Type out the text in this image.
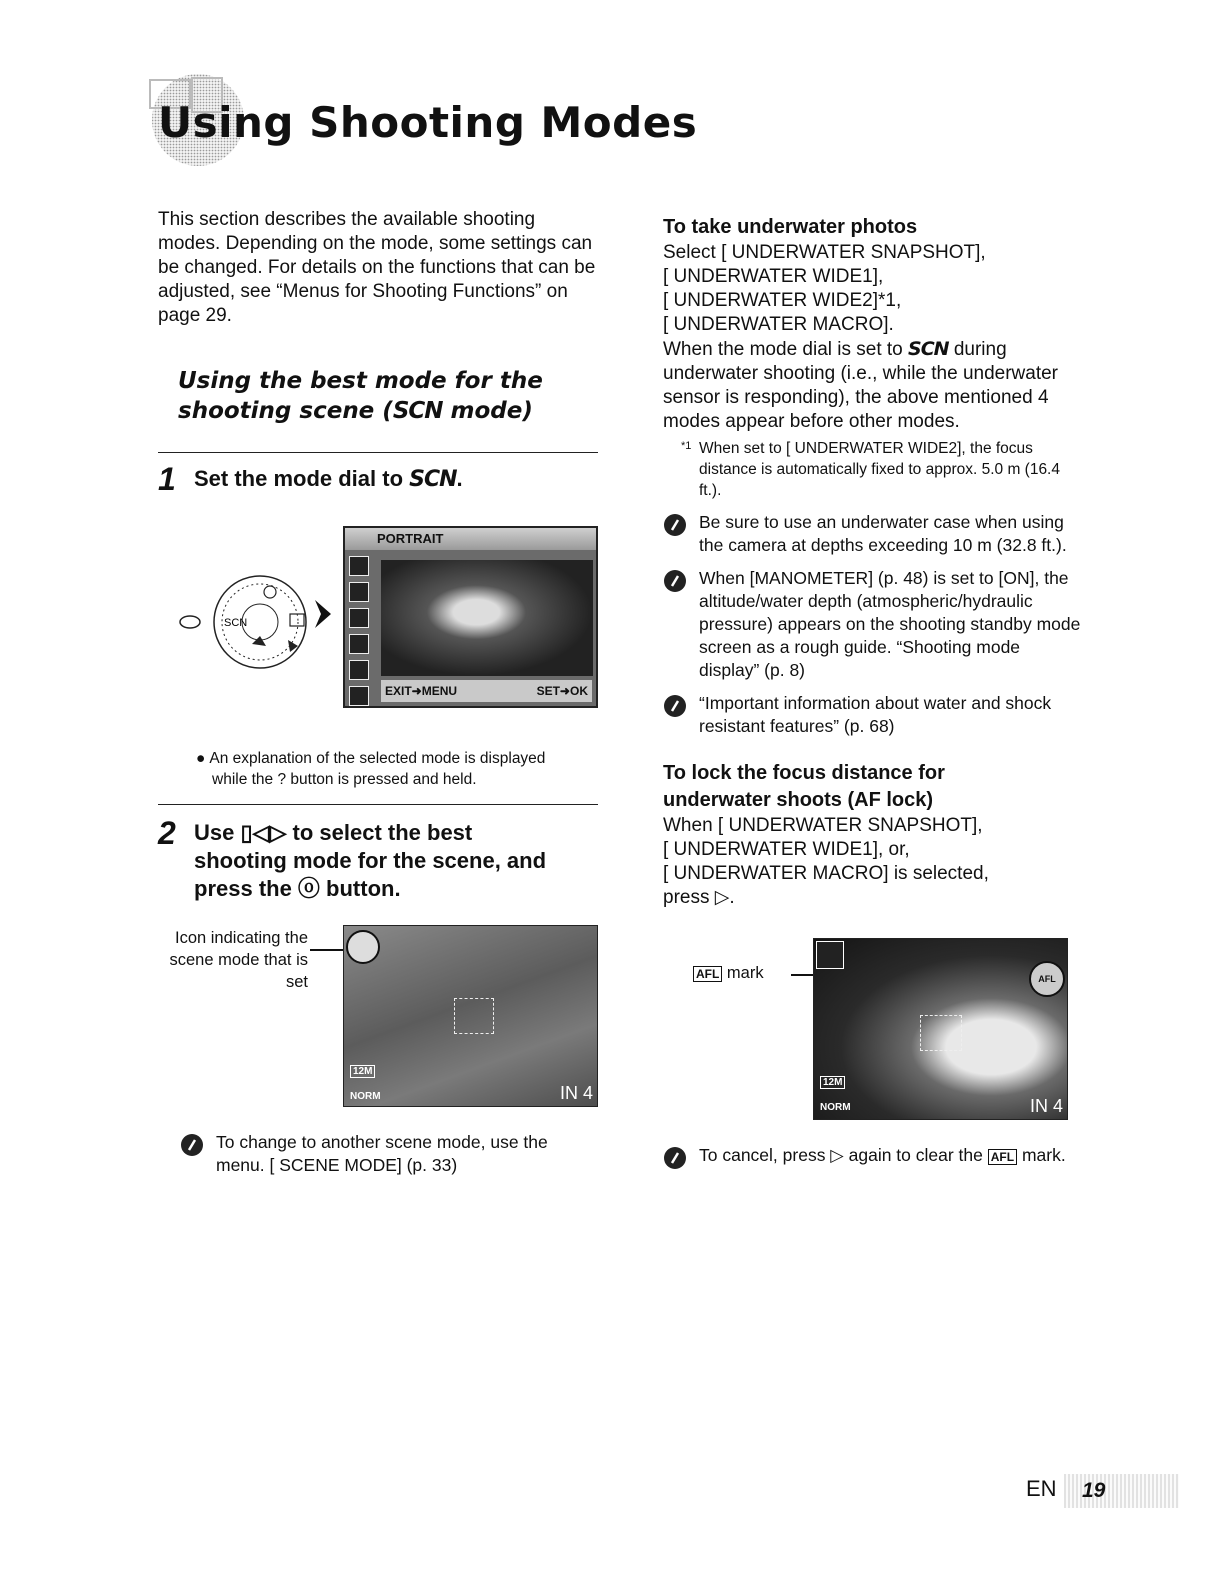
Using Shooting Modes

This section describes the available shooting modes. Depending on the mode, some settings can be changed. For details on the functions that can be adjusted, see “Menus for Shooting Functions” on page 29.

Using the best mode for the
shooting scene (SCN mode)
1 Set the mode dial to SCN.
SCN
PORTRAIT
EXIT➜MENU	SET➜OK
● An explanation of the selected mode is displayed
while the ? button is pressed and held.
2 Use ▯◁▷ to select the best
shooting mode for the scene, and
press the ⓞ button.
Icon indicating the scene mode that is set
12M
NORM	IN 4
To change to another scene mode, use the menu. [ SCENE MODE] (p. 33)
To take underwater photos
Select [ UNDERWATER SNAPSHOT],
[ UNDERWATER WIDE1],
[ UNDERWATER WIDE2]*1,
[ UNDERWATER MACRO].

When the mode dial is set to SCN during underwater shooting (i.e., while the underwater sensor is responding), the above mentioned 4 modes appear before other modes.

*1 When set to [ UNDERWATER WIDE2], the focus distance is automatically fixed to approx. 5.0 m (16.4 ft.).
Be sure to use an underwater case when using the camera at depths exceeding 10 m (32.8 ft.).
When [MANOMETER] (p. 48) is set to [ON], the altitude/water depth (atmospheric/hydraulic pressure) appears on the shooting standby mode screen as a rough guide. “Shooting mode display” (p. 8)
“Important information about water and shock resistant features” (p. 68)
To lock the focus distance for
underwater shoots (AF lock)
When [ UNDERWATER SNAPSHOT],
[ UNDERWATER WIDE1], or,
[ UNDERWATER MACRO] is selected,
press ▷.
AFL mark	AFL
12M
NORM	IN 4
To cancel, press ▷ again to clear the AFL mark.
EN	19
